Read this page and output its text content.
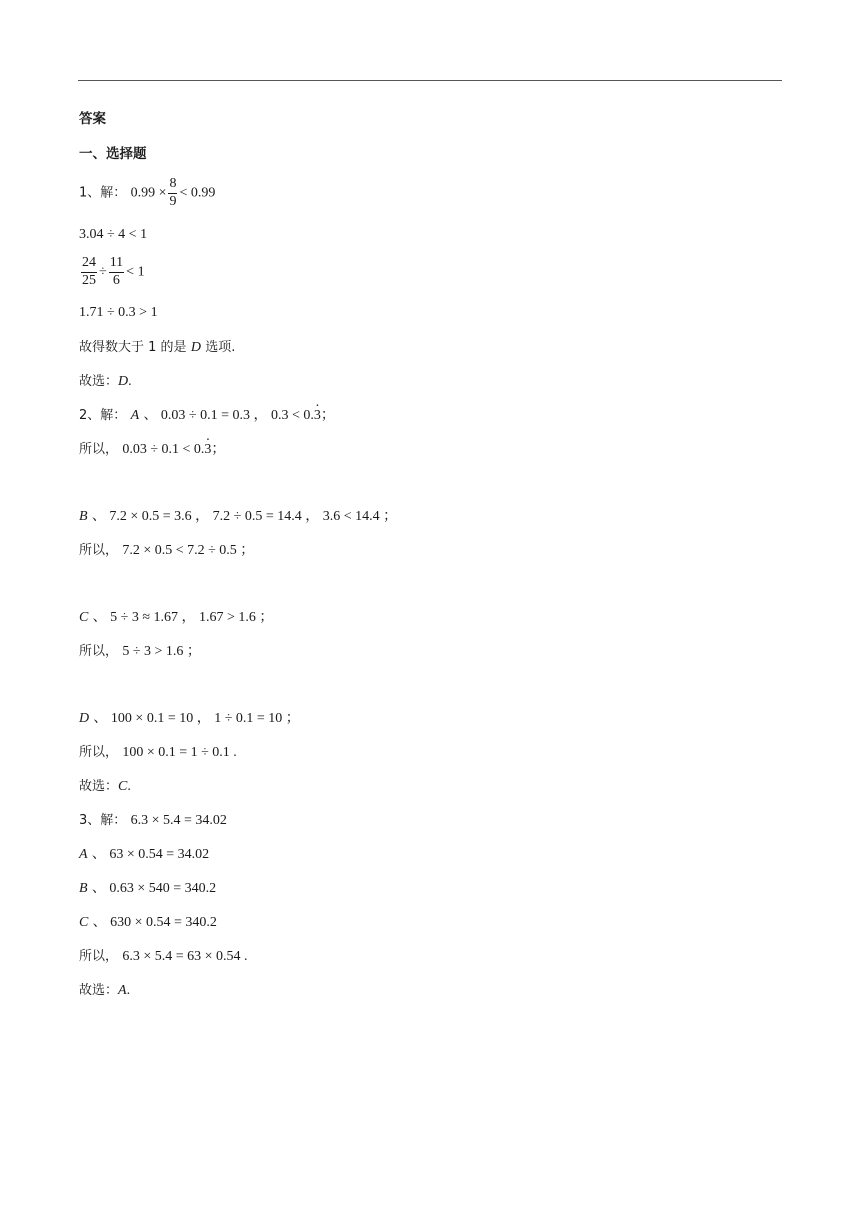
答案
一、选择题
1、解： $0.99 \times \frac{8}{9} < 0.99$
3.04 ÷ 4 < 1
$\frac{24}{25} \div \frac{11}{6} < 1$
1.71 ÷ 0.3 > 1
故得数大于 1 的是 D 选项.
故选：D.
2、解： A 、 0.03 ÷ 0.1 = 0.3 ， 0.3 < 0.3 ·；
所以， 0.03 ÷ 0.1 < 0.3 ·；
B 、 7.2 × 0.5 = 3.6 ， 7.2 ÷ 0.5 = 14.4 ， 3.6 < 14.4 ；
所以， 7.2 × 0.5 < 7.2 ÷ 0.5 ；
C 、 5 ÷ 3 ≈ 1.67 ， 1.67 > 1.6 ；
所以， 5 ÷ 3 > 1.6 ；
D 、 100 × 0.1 = 10 ， 1 ÷ 0.1 = 10 ；
所以， 100 × 0.1 = 1 ÷ 0.1 .
故选：C.
3、解： 6.3 × 5.4 = 34.02
A 、 63 × 0.54 = 34.02
B 、 0.63 × 540 = 340.2
C 、 630 × 0.54 = 340.2
所以， 6.3 × 5.4 = 63 × 0.54 .
故选：A.
